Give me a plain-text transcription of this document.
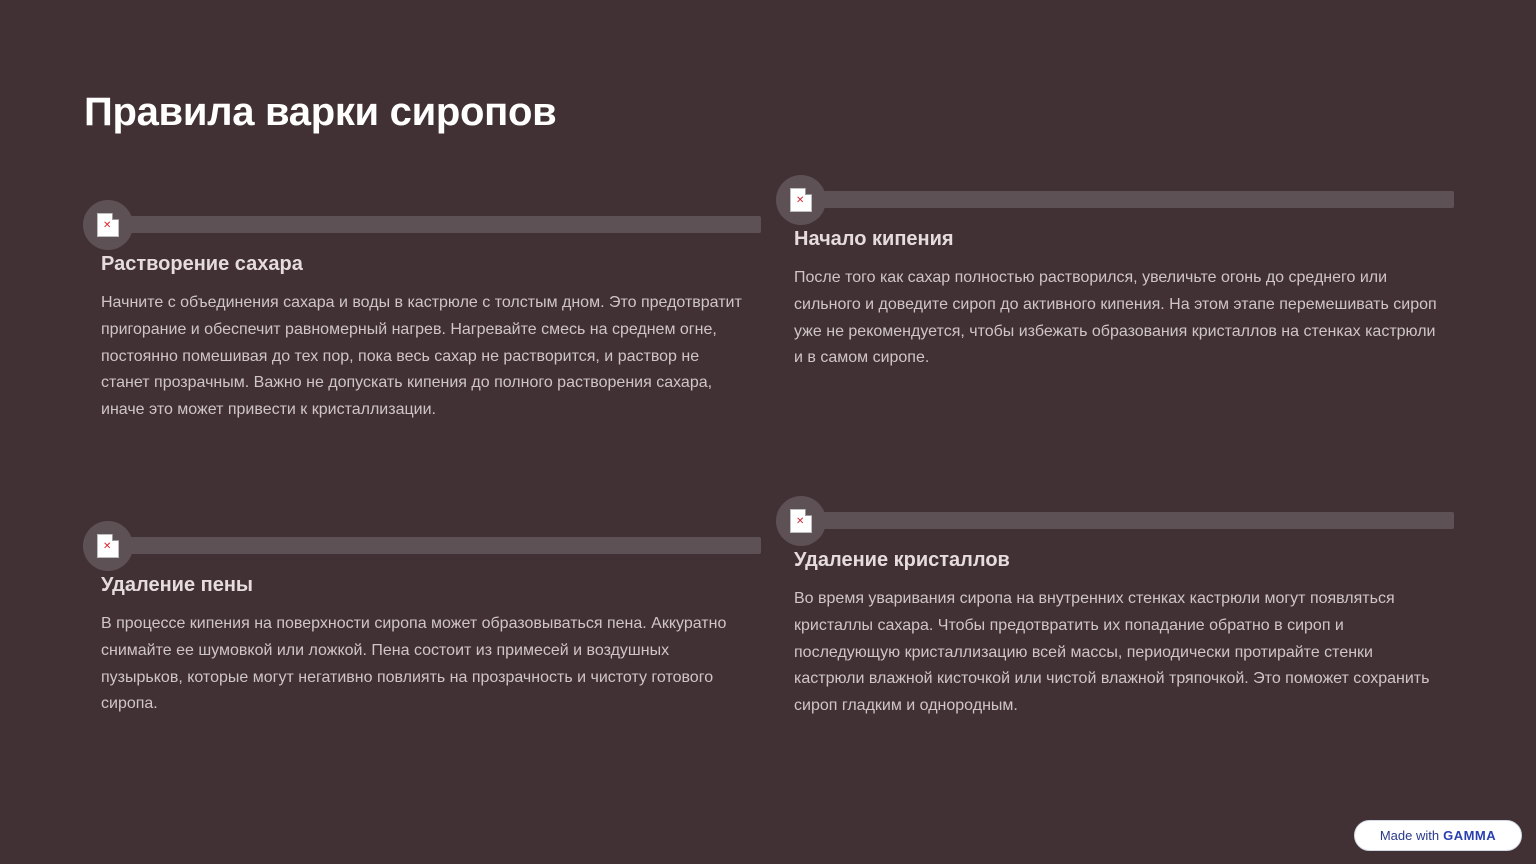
Правила варки сиропов
✕
Растворение сахара
Начните с объединения сахара и воды в кастрюле с толстым дном. Это предотвратит пригорание и обеспечит равномерный нагрев. Нагревайте смесь на среднем огне, постоянно помешивая до тех пор, пока весь сахар не растворится, и раствор не станет прозрачным. Важно не допускать кипения до полного растворения сахара, иначе это может привести к кристаллизации.
✕
Начало кипения
После того как сахар полностью растворился, увеличьте огонь до среднего или сильного и доведите сироп до активного кипения. На этом этапе перемешивать сироп уже не рекомендуется, чтобы избежать образования кристаллов на стенках кастрюли и в самом сиропе.
✕
Удаление пены
В процессе кипения на поверхности сиропа может образовываться пена. Аккуратно снимайте ее шумовкой или ложкой. Пена состоит из примесей и воздушных пузырьков, которые могут негативно повлиять на прозрачность и чистоту готового сиропа.
✕
Удаление кристаллов
Во время уваривания сиропа на внутренних стенках кастрюли могут появляться кристаллы сахара. Чтобы предотвратить их попадание обратно в сироп и последующую кристаллизацию всей массы, периодически протирайте стенки кастрюли влажной кисточкой или чистой влажной тряпочкой. Это поможет сохранить сироп гладким и однородным.
Made with GAMMA
